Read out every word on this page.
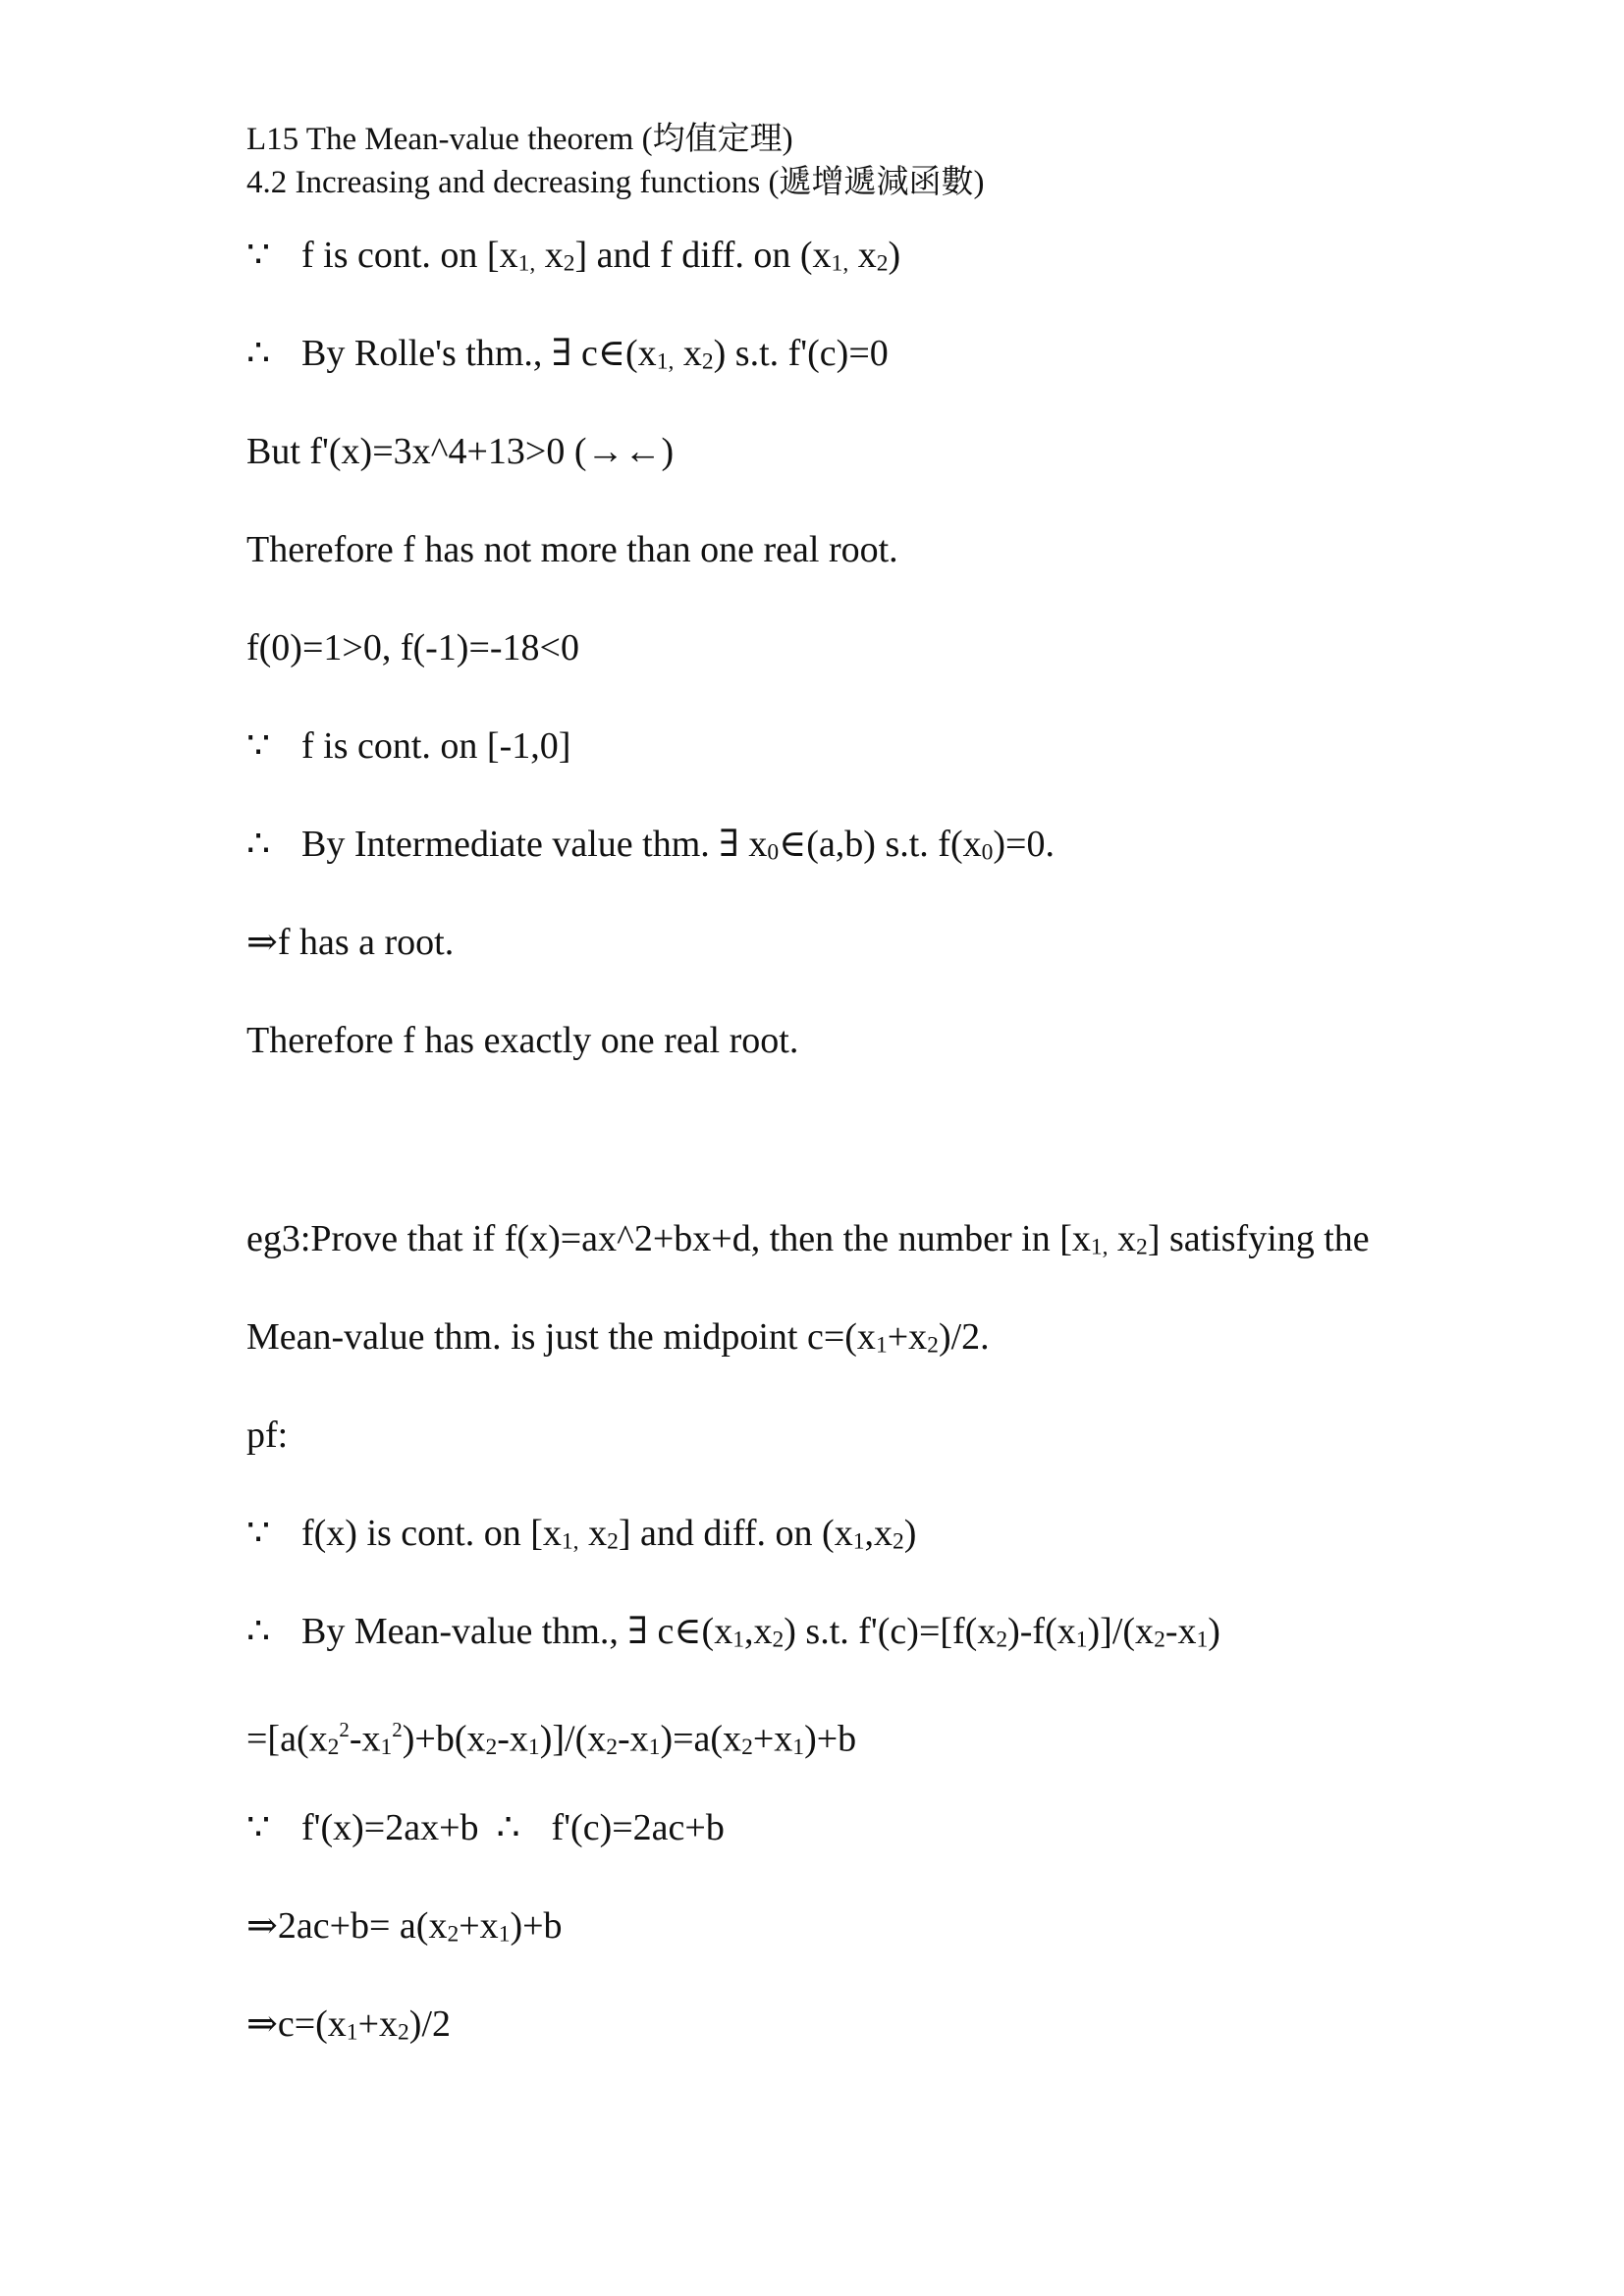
L15 The Mean-value theorem (均值定理)
4.2 Increasing and decreasing functions (遞增遞減函數)
∵ f is cont. on [$x_{1,}$ $x_2$] and f diff. on ($x_{1,}$ $x_2$)
∴ By Rolle's thm., ∃ $c\in(x_{1,}$ $x_2$) s.t. f'(c)=0
But f'(x)=3x^4+13>0 (→←)
Therefore f has not more than one real root.
f(0)=1>0, f(-1)=-18<0
∵ f is cont. on [-1,0]
∴ By Intermediate value thm. ∃ $x_0\in(a,b)$ s.t. $f(x_0)=0$.
⇒f has a root.
Therefore f has exactly one real root.
eg3:Prove that if f(x)=ax^2+bx+d, then the number in [$x_{1,}$ $x_2$] satisfying the
Mean-value thm. is just the midpoint $c=(x_1+x_2)/2$.
pf:
∵ f(x) is cont. on [$x_{1,}$ $x_2$] and diff. on $(x_1,x_2)$
∴ By Mean-value thm., ∃ $c\in(x_1,x_2)$ s.t. $f'(c)=[f(x_2)-f(x_1)]/(x_2-x_1)$
$=[a(x_2^2-x_1^2)+b(x_2-x_1)]/(x_2-x_1)=a(x_2+x_1)+b$
∵ f'(x)=2ax+b ∴ f'(c)=2ac+b
⇒2ac+b= $a(x_2+x_1)+b$
$\Rightarrow c=(x_1+x_2)/2$
